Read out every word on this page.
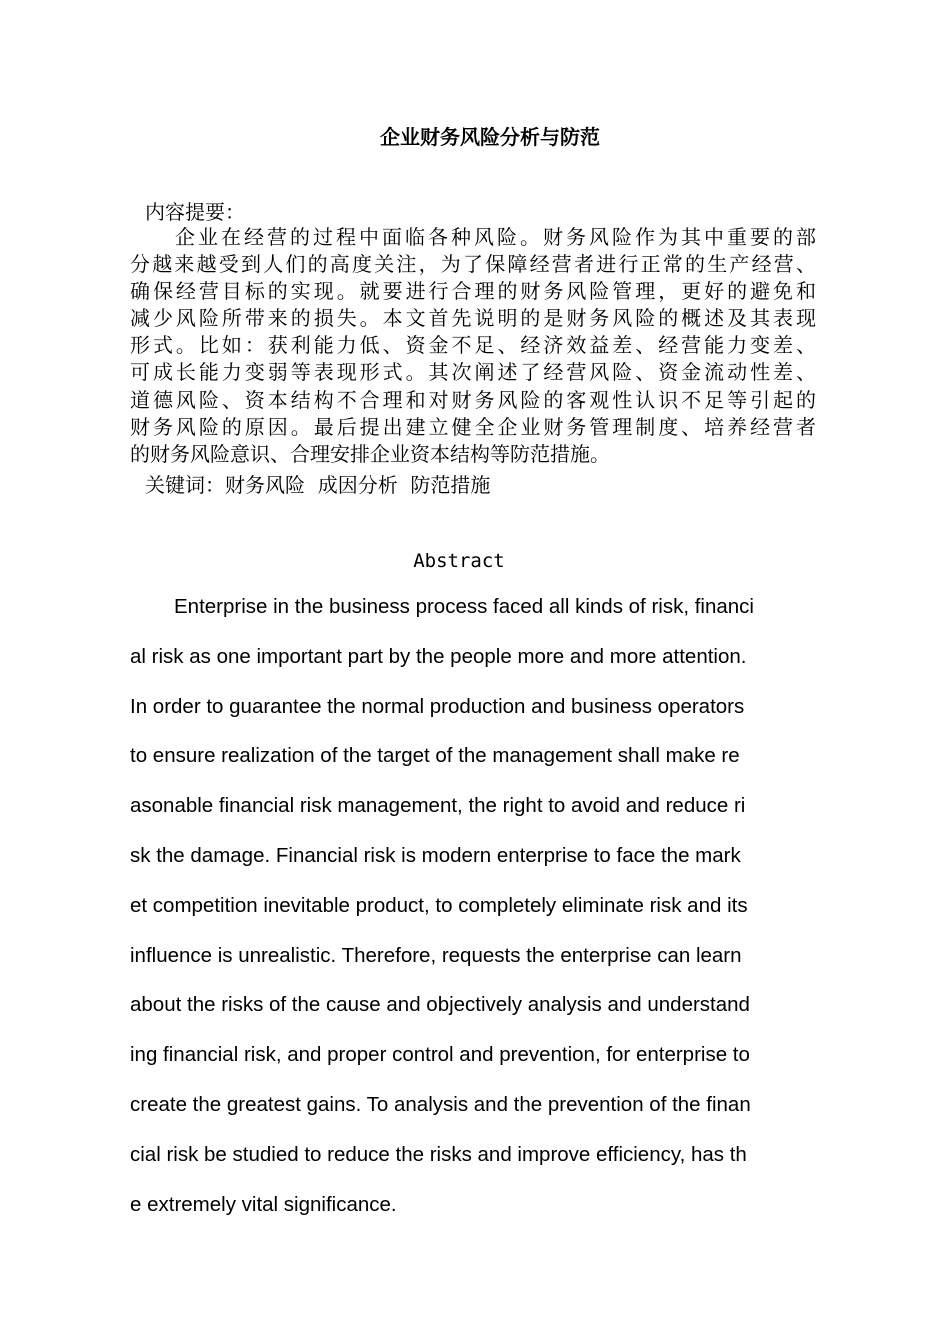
企业财务风险分析与防范
内容提要：
企业在经营的过程中面临各种风险。财务风险作为其中重要的部
分越来越受到人们的高度关注，为了保障经营者进行正常的生产经营、
确保经营目标的实现。就要进行合理的财务风险管理，更好的避免和
减少风险所带来的损失。本文首先说明的是财务风险的概述及其表现
形式。比如：获利能力低、资金不足、经济效益差、经营能力变差、
可成长能力变弱等表现形式。其次阐述了经营风险、资金流动性差、
道德风险、资本结构不合理和对财务风险的客观性认识不足等引起的
财务风险的原因。最后提出建立健全企业财务管理制度、培养经营者
的财务风险意识、合理安排企业资本结构等防范措施。
关键词：财务风险  成因分析  防范措施
Abstract
Enterprise in the business process faced all kinds of risk, financi
al risk as one important part by the people more and more attention.
In order to guarantee the normal production and business operators
to ensure realization of the target of the management shall make re
asonable financial risk management, the right to avoid and reduce ri
sk the damage. Financial risk is modern enterprise to face the mark
et competition inevitable product, to completely eliminate risk and its
influence is unrealistic. Therefore, requests the enterprise can learn
about the risks of the cause and objectively analysis and understand
ing financial risk, and proper control and prevention, for enterprise to
create the greatest gains. To analysis and the prevention of the finan
cial risk be studied to reduce the risks and improve efficiency, has th
e extremely vital significance.
